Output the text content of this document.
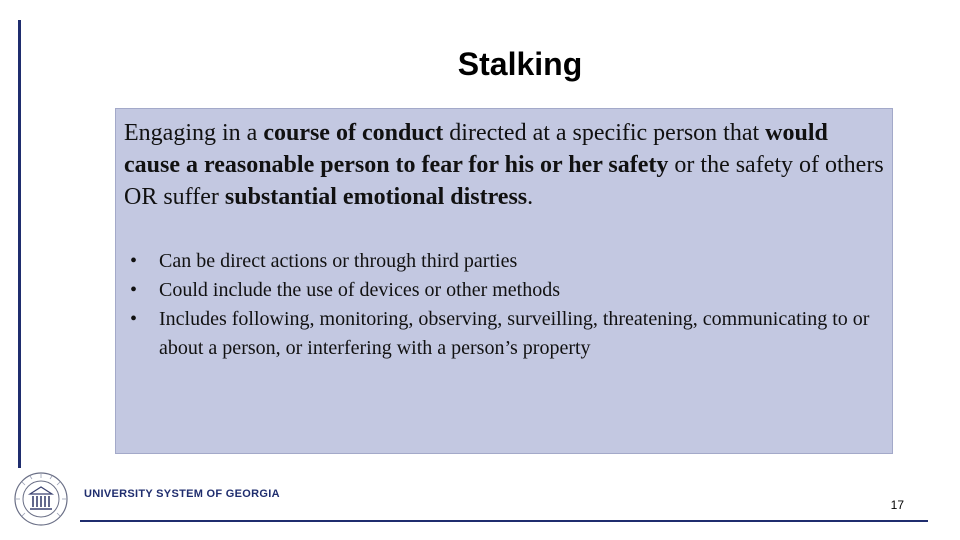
Stalking

Engaging in a course of conduct directed at a specific person that would cause a reasonable person to fear for his or her safety or the safety of others OR suffer substantial emotional distress.

• Can be direct actions or through third parties
• Could include the use of devices or other methods
• Includes following, monitoring, observing, surveilling, threatening, communicating to or about a person, or interfering with a person’s property
UNIVERSITY SYSTEM OF GEORGIA
17
